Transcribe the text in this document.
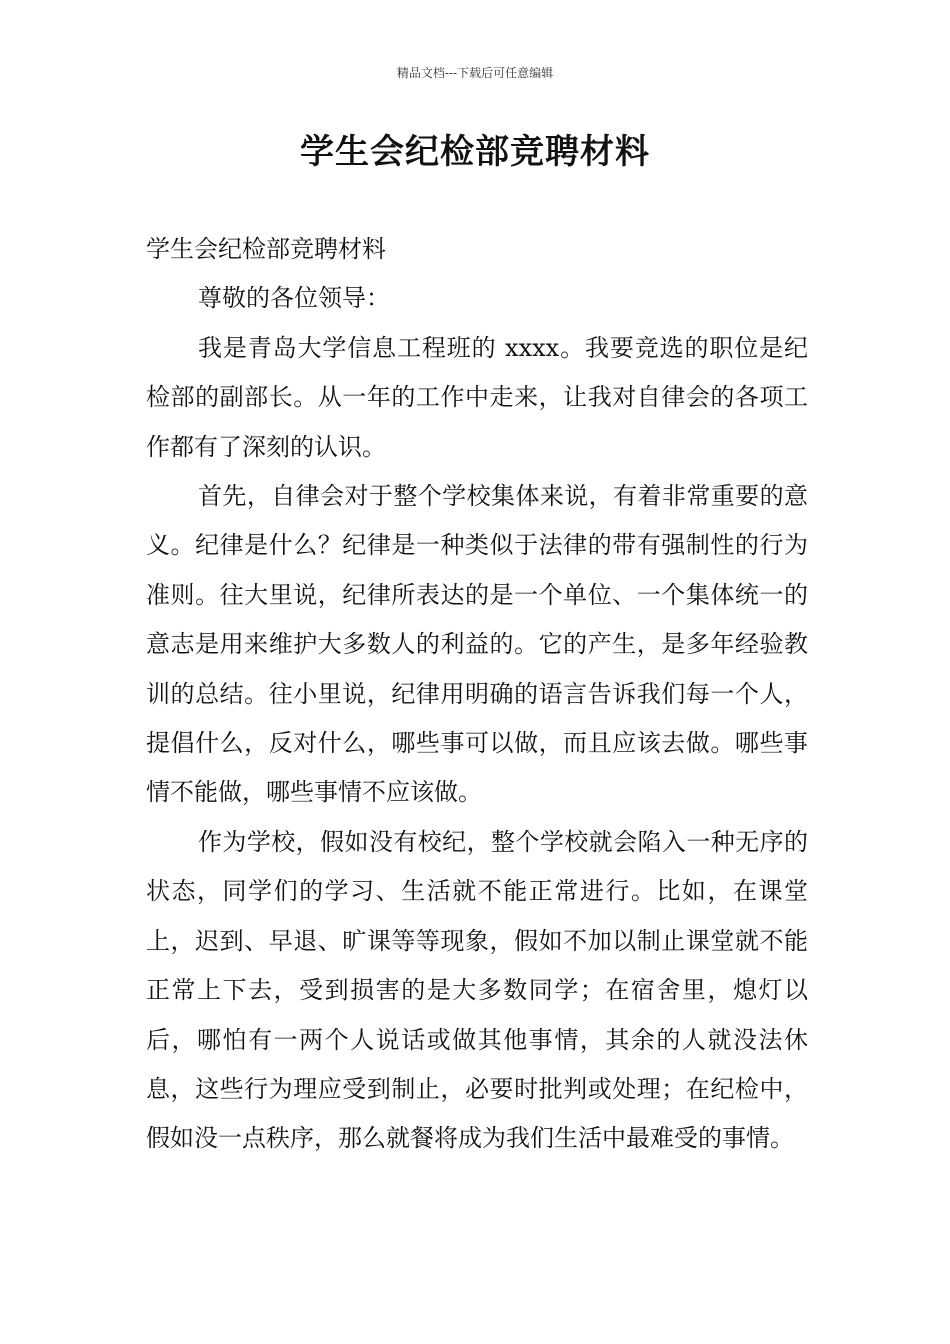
精品文档---下载后可任意编辑
学生会纪检部竞聘材料

学生会纪检部竞聘材料

尊敬的各位领导：

我是青岛大学信息工程班的 xxxx。我要竞选的职位是纪检部的副部长。从一年的工作中走来，让我对自律会的各项工作都有了深刻的认识。

首先，自律会对于整个学校集体来说，有着非常重要的意义。纪律是什么？纪律是一种类似于法律的带有强制性的行为准则。往大里说，纪律所表达的是一个单位、一个集体统一的意志是用来维护大多数人的利益的。它的产生，是多年经验教训的总结。往小里说，纪律用明确的语言告诉我们每一个人，提倡什么，反对什么，哪些事可以做，而且应该去做。哪些事情不能做，哪些事情不应该做。

作为学校，假如没有校纪，整个学校就会陷入一种无序的状态，同学们的学习、生活就不能正常进行。比如，在课堂上，迟到、早退、旷课等等现象，假如不加以制止课堂就不能正常上下去，受到损害的是大多数同学；在宿舍里，熄灯以后，哪怕有一两个人说话或做其他事情，其余的人就没法休息，这些行为理应受到制止，必要时批判或处理；在纪检中，假如没一点秩序，那么就餐将成为我们生活中最难受的事情。
